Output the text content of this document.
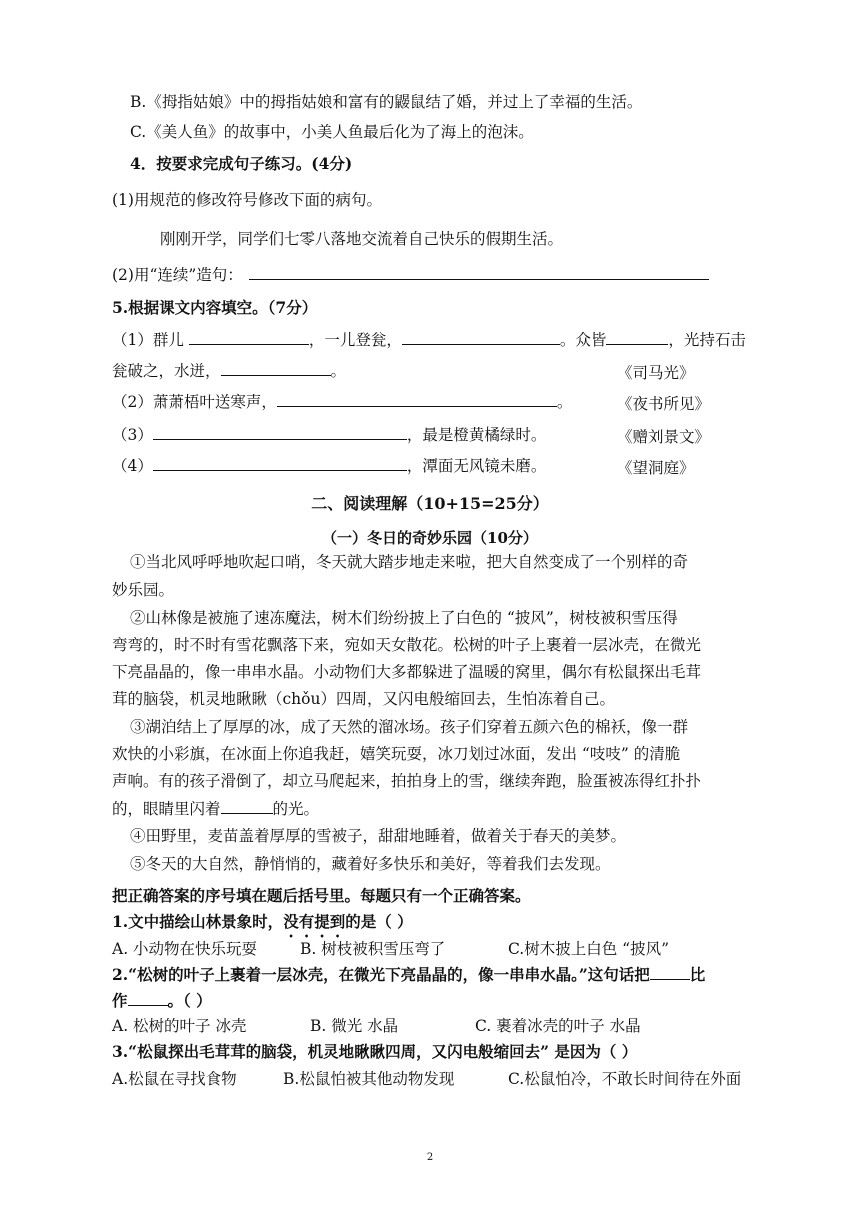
B.《拇指姑娘》中的拇指姑娘和富有的鼹鼠结了婚，并过上了幸福的生活。
C.《美人鱼》的故事中，小美人鱼最后化为了海上的泡沫。
4．按要求完成句子练习。(4分)
(1)用规范的修改符号修改下面的病句。
刚刚开学，同学们七零八落地交流着自己快乐的假期生活。
(2)用“连续”造句：
5.根据课文内容填空。（7分）
（1）群儿	，一儿登瓮，	。众皆	，光持石击
瓮破之，水迸，	。	《司马光》
（2）萧萧梧叶送寒声，	。	《夜书所见》
（3）	，最是橙黄橘绿时。	《赠刘景文》
（4）	，潭面无风镜未磨。	《望洞庭》
二、阅读理解（10+15=25分）
（一）冬日的奇妙乐园（10分）
①当北风呼呼地吹起口哨，冬天就大踏步地走来啦，把大自然变成了一个别样的奇
妙乐园。
②山林像是被施了速冻魔法，树木们纷纷披上了白色的 “披风”，树枝被积雪压得
弯弯的，时不时有雪花飘落下来，宛如天女散花。松树的叶子上裹着一层冰壳，在微光
下亮晶晶的，像一串串水晶。小动物们大多都躲进了温暖的窝里，偶尔有松鼠探出毛茸
茸的脑袋，机灵地瞅瞅（chǒu）四周，又闪电般缩回去，生怕冻着自己。
③湖泊结上了厚厚的冰，成了天然的溜冰场。孩子们穿着五颜六色的棉袄，像一群
欢快的小彩旗，在冰面上你追我赶，嬉笑玩耍，冰刀划过冰面，发出 “吱吱” 的清脆
声响。有的孩子滑倒了，却立马爬起来，拍拍身上的雪，继续奔跑，脸蛋被冻得红扑扑
的，眼睛里闪着	的光。
④田野里，麦苗盖着厚厚的雪被子，甜甜地睡着，做着关于春天的美梦。
⑤冬天的大自然，静悄悄的，藏着好多快乐和美好，等着我们去发现。
把正确答案的序号填在题后括号里。每题只有一个正确答案。
1.文中描绘山林景象时，没有提到的是（ ）
A. 小动物在快乐玩耍	B. 树枝被积雪压弯了	C.树木披上白色 “披风”
2.“松树的叶子上裹着一层冰壳，在微光下亮晶晶的，像一串串水晶。”这句话把	比
作	。（ ）
A. 松树的叶子 冰壳	B. 微光 水晶	C. 裹着冰壳的叶子 水晶
3.“松鼠探出毛茸茸的脑袋，机灵地瞅瞅四周，又闪电般缩回去” 是因为（ ）
A.松鼠在寻找食物	B.松鼠怕被其他动物发现	C.松鼠怕冷，不敢长时间待在外面
2
